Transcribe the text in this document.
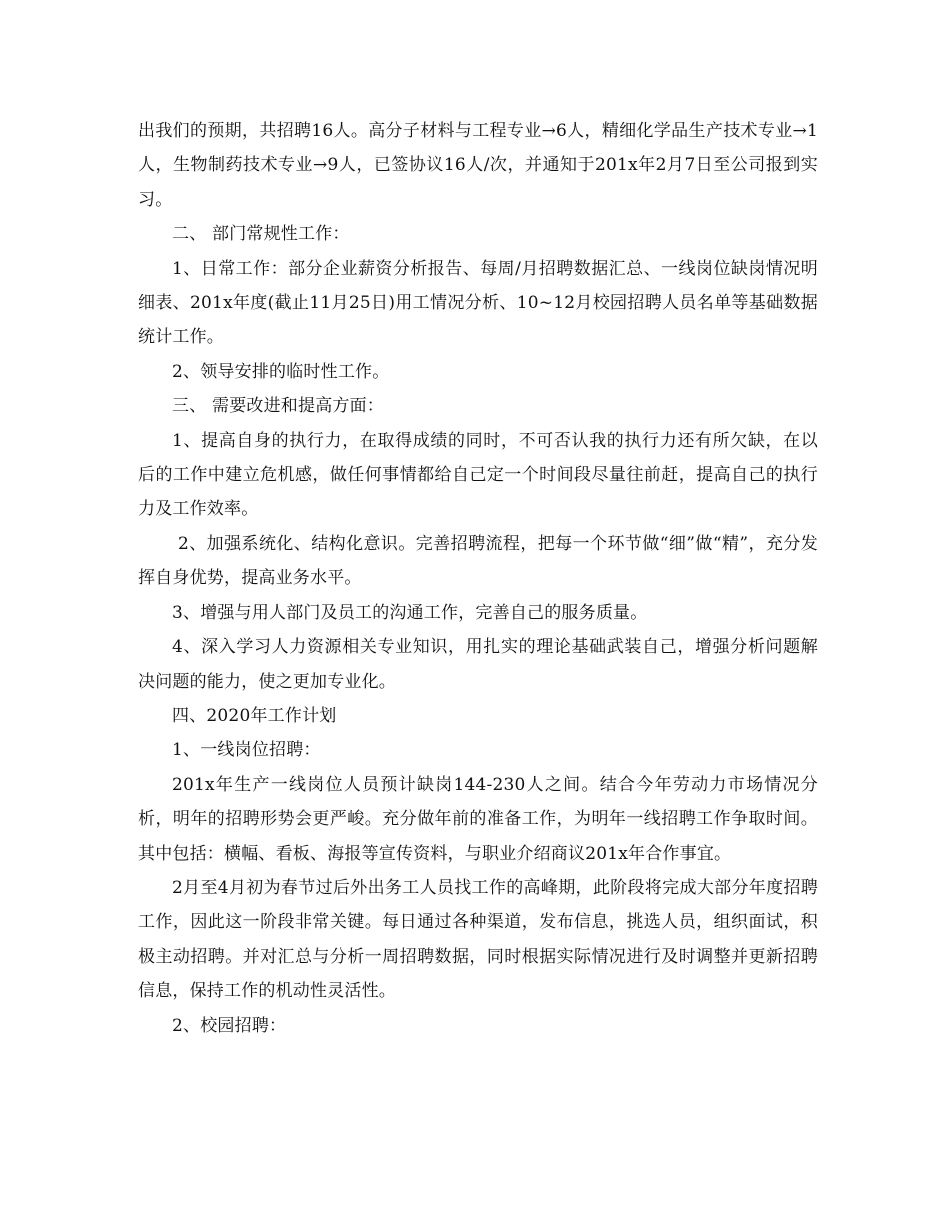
出我们的预期，共招聘16人。高分子材料与工程专业→6人，精细化学品生产技术专业→1人，生物制药技术专业→9人，已签协议16人/次，并通知于201x年2月7日至公司报到实习。

二、 部门常规性工作：

1、日常工作：部分企业薪资分析报告、每周/月招聘数据汇总、一线岗位缺岗情况明细表、201x年度(截止11月25日)用工情况分析、10~12月校园招聘人员名单等基础数据统计工作。

2、领导安排的临时性工作。

三、 需要改进和提高方面：

1、提高自身的执行力，在取得成绩的同时，不可否认我的执行力还有所欠缺，在以后的工作中建立危机感，做任何事情都给自己定一个时间段尽量往前赶，提高自己的执行力及工作效率。

2、加强系统化、结构化意识。完善招聘流程，把每一个环节做“细”做“精”，充分发挥自身优势，提高业务水平。

3、增强与用人部门及员工的沟通工作，完善自己的服务质量。

4、深入学习人力资源相关专业知识，用扎实的理论基础武装自己，增强分析问题解决问题的能力，使之更加专业化。

四、2020年工作计划

1、一线岗位招聘：

201x年生产一线岗位人员预计缺岗144-230人之间。结合今年劳动力市场情况分析，明年的招聘形势会更严峻。充分做年前的准备工作，为明年一线招聘工作争取时间。其中包括：横幅、看板、海报等宣传资料，与职业介绍商议201x年合作事宜。

2月至4月初为春节过后外出务工人员找工作的高峰期，此阶段将完成大部分年度招聘工作，因此这一阶段非常关键。每日通过各种渠道，发布信息，挑选人员，组织面试，积极主动招聘。并对汇总与分析一周招聘数据，同时根据实际情况进行及时调整并更新招聘信息，保持工作的机动性灵活性。

2、校园招聘：
